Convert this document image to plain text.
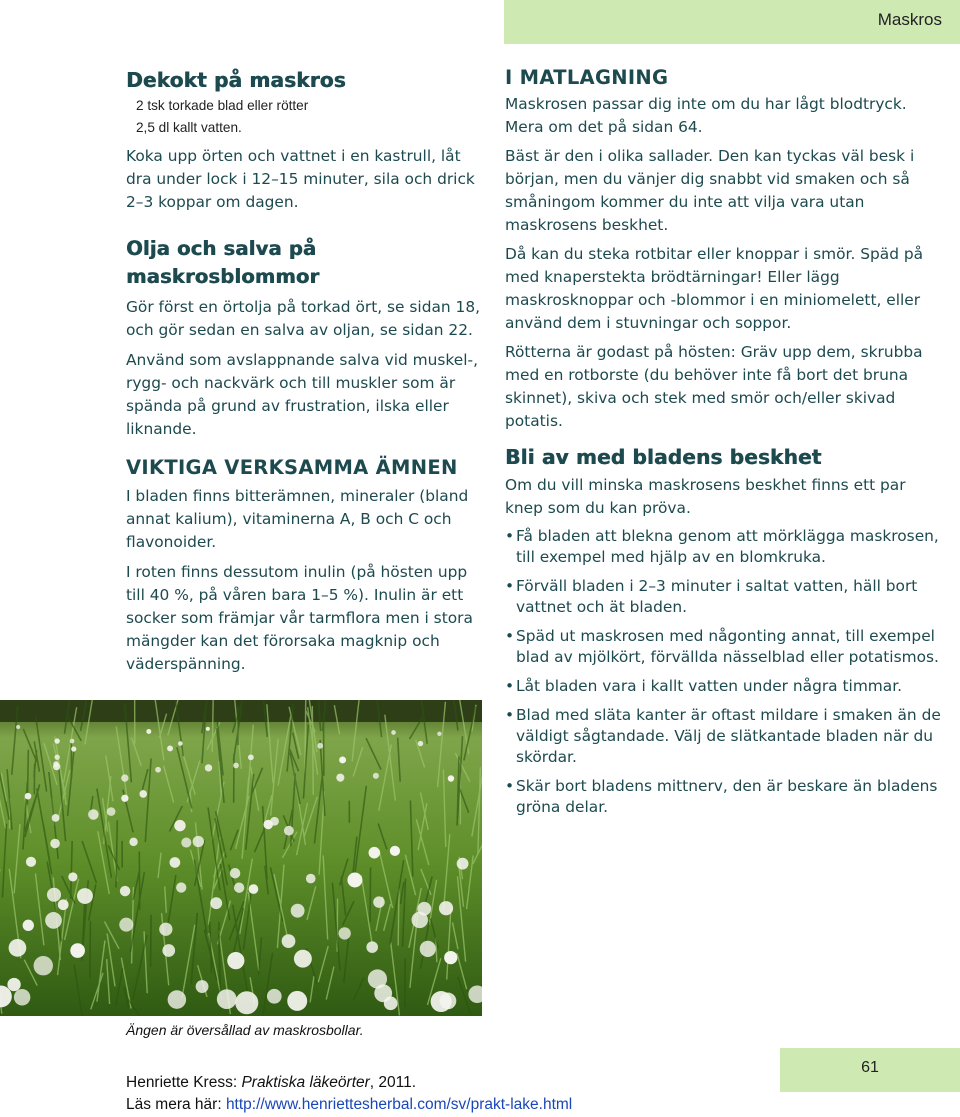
Maskros
Dekokt på maskros
2 tsk torkade blad eller rötter
2,5 dl kallt vatten.

Koka upp örten och vattnet i en kastrull, låt dra under lock i 12–15 minuter, sila och drick 2–3 koppar om dagen.

Olja och salva på
maskrosblommor

Gör först en örtolja på torkad ört, se sidan 18, och gör sedan en salva av oljan, se sidan 22.

Använd som avslappnande salva vid muskel-, rygg- och nackvärk och till muskler som är spända på grund av frustration, ilska eller liknande.

VIKTIGA VERKSAMMA ÄMNEN

I bladen finns bitterämnen, mineraler (bland annat kalium), vitaminerna A, B och C och flavonoider.

I roten finns dessutom inulin (på hösten upp till 40 %, på våren bara 1–5 %). Inulin är ett socker som främjar vår tarmflora men i stora mängder kan det förorsaka magknip och väderspänning.

Ängen är översållad av maskrosbollar.
I MATLAGNING

Maskrosen passar dig inte om du har lågt blodtryck. Mera om det på sidan 64.

Bäst är den i olika sallader. Den kan tyckas väl besk i början, men du vänjer dig snabbt vid smaken och så småningom kommer du inte att vilja vara utan maskrosens beskhet.

Då kan du steka rotbitar eller knoppar i smör. Späd på med knaperstekta brödtärningar! Eller lägg maskrosknoppar och -blommor i en miniomelett, eller använd dem i stuvningar och soppor.

Rötterna är godast på hösten: Gräv upp dem, skrubba med en rotborste (du behöver inte få bort det bruna skinnet), skiva och stek med smör och/eller skivad potatis.

Bli av med bladens beskhet

Om du vill minska maskrosens beskhet finns ett par knep som du kan pröva.

• Få bladen att blekna genom att mörklägga maskrosen, till exempel med hjälp av en blomkruka.
• Förväll bladen i 2–3 minuter i saltat vatten, häll bort vattnet och ät bladen.
• Späd ut maskrosen med någonting annat, till exempel blad av mjölkört, förvällda nässelblad eller potatismos.
• Låt bladen vara i kallt vatten under några timmar.
• Blad med släta kanter är oftast mildare i smaken än de väldigt sågtandade. Välj de slätkantade bladen när du skördar.
• Skär bort bladens mittnerv, den är beskare än bladens gröna delar.
61
Henriette Kress: Praktiska läkeörter, 2011.
Läs mera här: http://www.henriettesherbal.com/sv/prakt-lake.html
